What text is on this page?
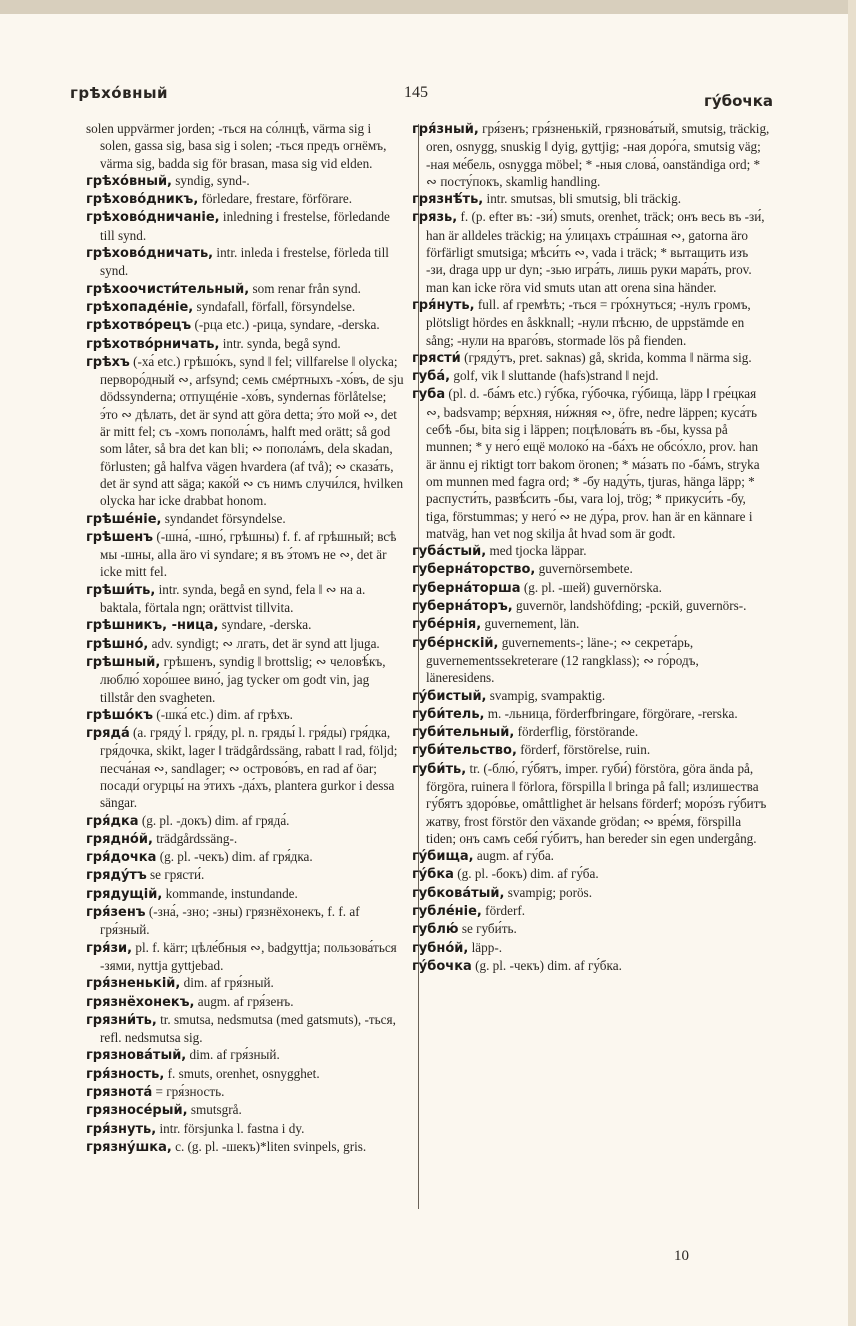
грѣхо́вный	145	гу́бочка

solen uppvärmer jorden; -ться на со́лнцѣ, värma sig i solen, gassa sig, basa sig i solen; -ться предъ огнёмъ, värma sig, badda sig för brasan, masa sig vid elden.

грѣхо́вный, syndig, synd-.

грѣхово́дникъ, förledare, frestare, förförare.

грѣхово́дничаніе, inledning i frestelse, förledande till synd.

грѣхово́дничать, intr. inleda i frestelse, förleda till synd.

грѣхоочисти́тельный, som renar från synd.

грѣхопаде́ніе, syndafall, förfall, försyndelse.

грѣхотво́рецъ (-рца etc.) -рица, syndare, -derska.

грѣхотво́рничать, intr. synda, begå synd.

грѣхъ (-ха́ etc.) грѣшо́къ, synd ‖ fel; villfarelse ‖ olycka; первоpо́дный ∾, arfsynd; семь смéртныхъ -хо́въ, de sju dödssynderna; отпущéніе -хо́въ, syndernas förlåtelse; э́то ∾ дѣлать, det är synd att göra detta; э́то мой ∾, det är mitt fel; съ -хомъ попола́мъ, halft med orätt; så god som låter, så bra det kan bli; ∾ попола́мъ, dela skadan, förlusten; gå halfva vägen hvardera (af två); ∾ сказа́ть, det är synd att säga; како́й ∾ съ нимъ случи́лся, hvilken olycka har icke drabbat honom.

грѣше́ніе, syndandet försyndelse.

грѣшенъ (-шна́, -шно́, грѣшны) f. f. af грѣшный; всѣ мы -шны, alla äro vi syndare; я въ э́томъ не ∾, det är icke mitt fel.

грѣши́ть, intr. synda, begå en synd, fela ‖ ∾ на а. baktala, förtala ngn; orättvist tillvita.

грѣшникъ, -ница, syndare, -derska.

грѣшно́, adv. syndigt; ∾ лгать, det är synd att ljuga.

грѣшный, грѣшенъ, syndig ‖ brottslig; ∾ человѣ́къ, люблю́ хоро́шее вино́, jag tycker om godt vin, jag tillstår den svagheten.

грѣшо́къ (-шка́ etc.) dim. af грѣхъ.

гряда́ (a. гряду́ l. гря́ду, pl. n. гряды́ l. гря́ды) гря́дка, гря́дочка, skikt, lager ‖ trädgårdssäng, rabatt ‖ rad, följd; песча́ная ∾, sandlager; ∾ острово́въ, en rad af öar; посади́ огурцы́ на э́тихъ -да́хъ, plantera gurkor i dessa sängar.

гря́дка (g. pl. -докъ) dim. af гряда́.

грядно́й, trädgårdssäng-.

гря́дочка (g. pl. -чекъ) dim. af гря́дка.

гряду́тъ se грясти́.

грядущій, kommande, instundande.

гря́зенъ (-зна́, -зно; -зны) грязнёхонекъ, f. f. af гря́зный.

гря́зи, pl. f. kärr; цѣле́бныя ∾, badgyttja; пользова́ться -зями, nyttja gyttjebad.

гря́зненькій, dim. af гря́зный.

грязнёхонекъ, augm. af гря́зенъ.

грязни́ть, tr. smutsa, nedsmutsa (med gatsmuts), -ться, refl. nedsmutsa sig.

грязнова́тый, dim. af гря́зный.

гря́зность, f. smuts, orenhet, osnygghet.

грязнота́ = гря́зность.

грязносе́рый, smutsgrå.

гря́знуть, intr. försjunka l. fastna i dy.

грязну́шка, c. (g. pl. -шекъ)*liten svinpels, gris.

гря́зный, гря́зенъ; гря́зненькій, грязнова́тый, smutsig, träckig, oren, osnygg, snuskig ‖ dyig, gyttjig; -ная доро́га, smutsig väg; -ная ме́бель, osnygga möbel; * -ныя слова́, oanständiga ord; * ∾ посту́покъ, skamlig handling.

грязнѣ́ть, intr. smutsas, bli smutsig, bli träckig.

грязь, f. (p. efter въ: -зи́) smuts, orenhet, träck; онъ весь въ -зи́, han är alldeles träckig; на у́лицахъ стра́шная ∾, gatorna äro förfärligt smutsiga; мѣси́ть ∾, vada i träck; * вытащить изъ -зи, draga upp ur dyn; -зью игра́ть, лишь руки мара́ть, prov. man kan icke röra vid smuts utan att orena sina händer.

гря́нуть, full. af гремѣть; -ться = гро́хнуться; -нулъ громъ, plötsligt hördes en åskknall; -нули пѣсню, de uppstämde en sång; -нули на враго́въ, stormade lös på fienden.

грясти́ (гряду́тъ, pret. saknas) gå, skrida, komma ‖ närma sig.

губа́, golf, vik ‖ sluttande (hafs)strand ‖ nejd.

губа (pl. d. -ба́мъ etc.) гу́бка, гу́бочка, гу́бища, läpp ‖ гре́цкая ∾, badsvamp; ве́рхняя, ни́жняя ∾, öfre, nedre läppen; куса́ть себѣ -бы, bita sig i läppen; поцѣлова́ть въ -бы, kyssa på munnen; * у него́ ещё молоко́ на -ба́хъ не обсо́хло, prov. han är ännu ej riktigt torr bakom öronen; * ма́зать по -ба́мъ, stryka om munnen med fagra ord; * -бу наду́ть, tjuras, hänga läpp; * распусти́ть, развѣ́сить -бы, vara loj, trög; * прикуси́ть -бу, tiga, förstummas; у него́ ∾ не ду́ра, prov. han är en kännare i matväg, han vet nog skilja åt hvad som är godt.

губа́стый, med tjocka läppar.

губерна́торство, guvernörsembete.

губерна́торша (g. pl. -шей) guvernörska.

губерна́торъ, guvernör, landshöfding; -рскій, guvernörs-.

губе́рнія, guvernement, län.

губе́рнскій, guvernements-; läne-; ∾ секрета́рь, guvernementssekreterare (12 rangklass); ∾ го́родъ, läneresidens.

гу́бистый, svampig, svampaktig.

губи́тель, m. -льница, förderfbringare, förgörare, -rerska.

губи́тельный, förderflig, förstörande.

губи́тельство, förderf, förstörelse, ruin.

губи́ть, tr. (-блю́, гу́бятъ, imper. губи́) förstöra, göra ända på, förgöra, ruinera ‖ förlora, förspilla ‖ bringa på fall; излишества гу́бятъ здоро́вье, omåttlighet är helsans förderf; моро́зъ гу́битъ жатву, frost förstör den växande grödan; ∾ вре́мя, förspilla tiden; онъ самъ себя́ гу́битъ, han bereder sin egen undergång.

гу́бища, augm. af гу́ба.

гу́бка (g. pl. -бокъ) dim. af гу́ба.

губкова́тый, svampig; porös.

губле́ніе, förderf.

гублю́ se губи́ть.

губно́й, läpp-.

гу́бочка (g. pl. -чекъ) dim. af гу́бка.

10
